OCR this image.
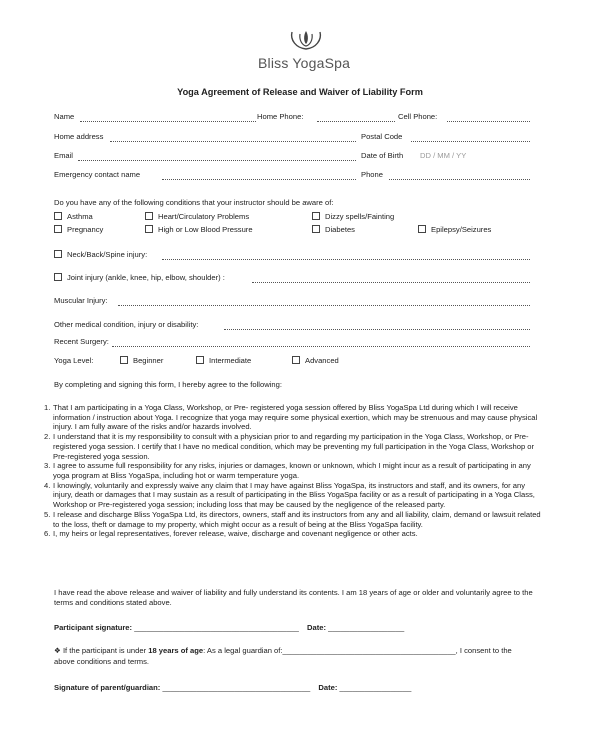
Bliss YogaSpa
Yoga Agreement of Release and Waiver of Liability Form
Name	Home Phone:	Cell Phone:
Home address	Postal Code
Email	Date of Birth DD / MM / YY
Emergency contact name	Phone
Do you have any of the following conditions that your instructor should be aware of:
Asthma	Heart/Circulatory Problems	Dizzy spells/Fainting
Pregnancy	High or Low Blood Pressure	Diabetes	Epilepsy/Seizures
Neck/Back/Spine injury:
Joint injury (ankle, knee, hip, elbow, shoulder) :
Muscular Injury:
Other medical condition, injury or disability:
Recent Surgery:
Yoga Level:	Beginner	Intermediate	Advanced
By completing and signing this form, I hereby agree to the following:
1. That I am participating in a Yoga Class, Workshop, or Pre- registered yoga session offered by Bliss YogaSpa Ltd during which I will receive information / instruction about Yoga. I recognize that yoga may require some physical exertion, which may be strenuous and may cause physical injury. I am fully aware of the risks and/or hazards involved.
2. I understand that it is my responsibility to consult with a physician prior to and regarding my participation in the Yoga Class, Workshop, or Pre-registered yoga session. I certify that I have no medical condition, which may be preventing my full participation in the Yoga Class, Workshop or Pre-registered yoga session.
3. I agree to assume full responsibility for any risks, injuries or damages, known or unknown, which I might incur as a result of participating in any yoga program at Bliss YogaSpa, including hot or warm temperature yoga.
4. I knowingly, voluntarily and expressly waive any claim that I may have against Bliss YogaSpa, its instructors and staff, and its owners, for any injury, death or damages that I may sustain as a result of participating in the Bliss YogaSpa facility or as a result of participating in a Yoga Class, Workshop or Pre-registered yoga session; including loss that may be caused by the negligence of the released party.
5. I release and discharge Bliss YogaSpa Ltd, its directors, owners, staff and its instructors from any and all liability, claim, demand or lawsuit related to the loss, theft or damage to my property, which might occur as a result of being at the Bliss YogaSpa facility.
6. I, my heirs or legal representatives, forever release, waive, discharge and covenant negligence or other acts.
I have read the above release and waiver of liability and fully understand its contents. I am 18 years of age or older and voluntarily agree to the terms and conditions stated above.
Participant signature: _______________________________________ Date: __________________
❖ If the participant is under 18 years of age: As a legal guardian of:_________________________________________, I consent to the
above conditions and terms.
Signature of parent/guardian: ___________________________________ Date: _________________
